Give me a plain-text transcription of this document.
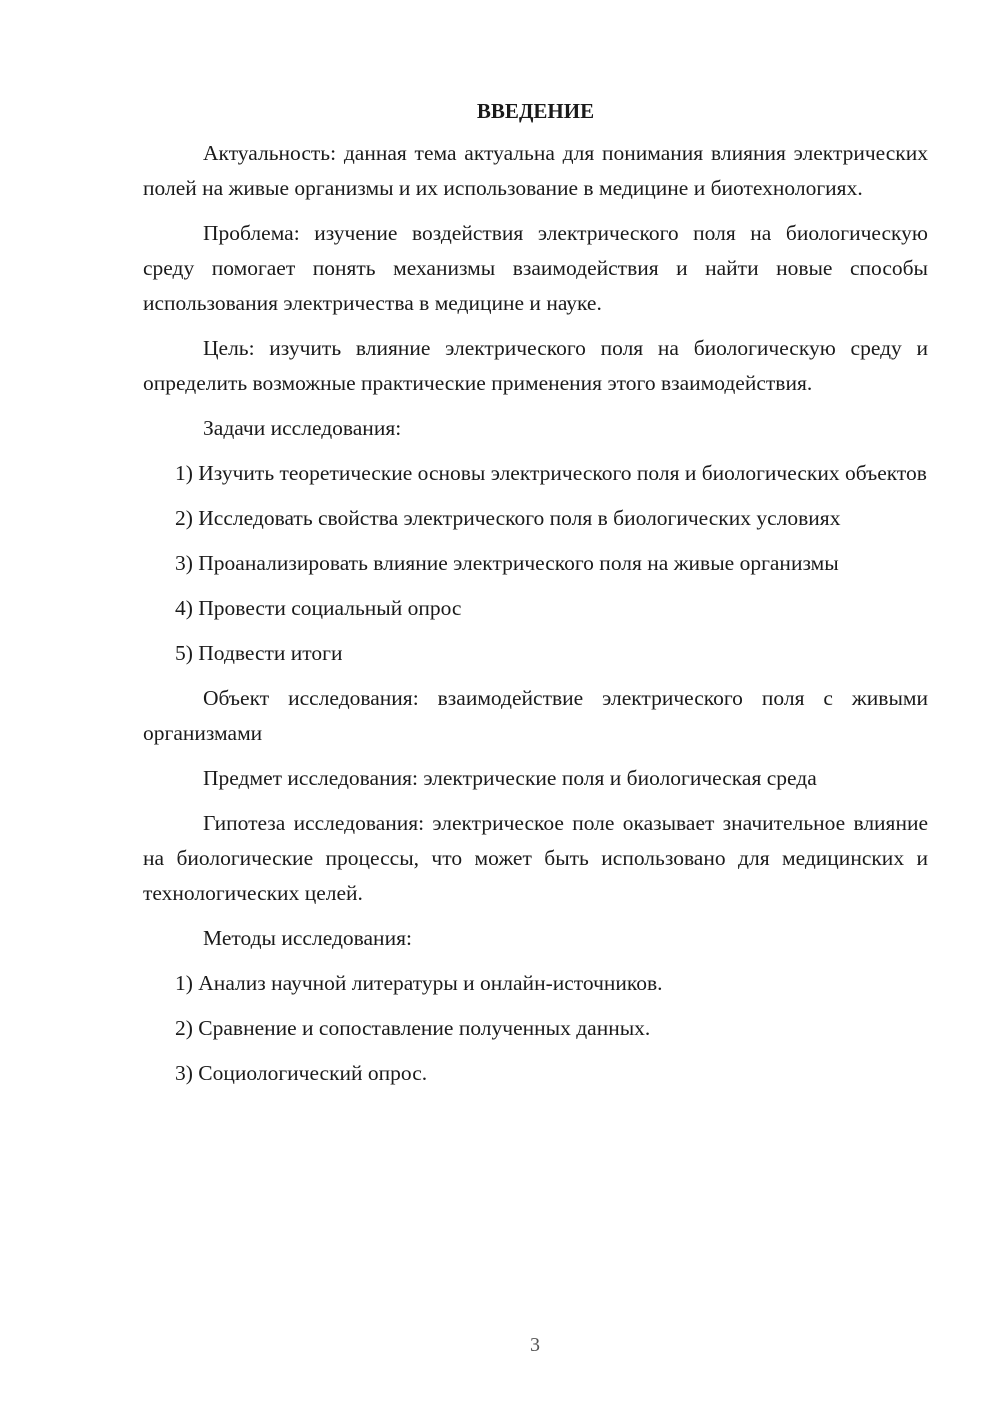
ВВЕДЕНИЕ

Актуальность: данная тема актуальна для понимания влияния электрических полей на живые организмы и их использование в медицине и биотехнологиях.

Проблема: изучение воздействия электрического поля на биологическую среду помогает понять механизмы взаимодействия и найти новые способы использования электричества в медицине и науке.

Цель: изучить влияние электрического поля на биологическую среду и определить возможные практические применения этого взаимодействия.

Задачи исследования:

1) Изучить теоретические основы электрического поля и биологических объектов

2) Исследовать свойства электрического поля в биологических условиях

3) Проанализировать влияние электрического поля на живые организмы

4) Провести социальный опрос

5) Подвести итоги

Объект исследования: взаимодействие электрического поля с живыми организмами

Предмет исследования: электрические поля и биологическая среда

Гипотеза исследования: электрическое поле оказывает значительное влияние на биологические процессы, что может быть использовано для медицинских и технологических целей.

Методы исследования:

1) Анализ научной литературы и онлайн-источников.

2) Сравнение и сопоставление полученных данных.

3) Социологический опрос.

3
